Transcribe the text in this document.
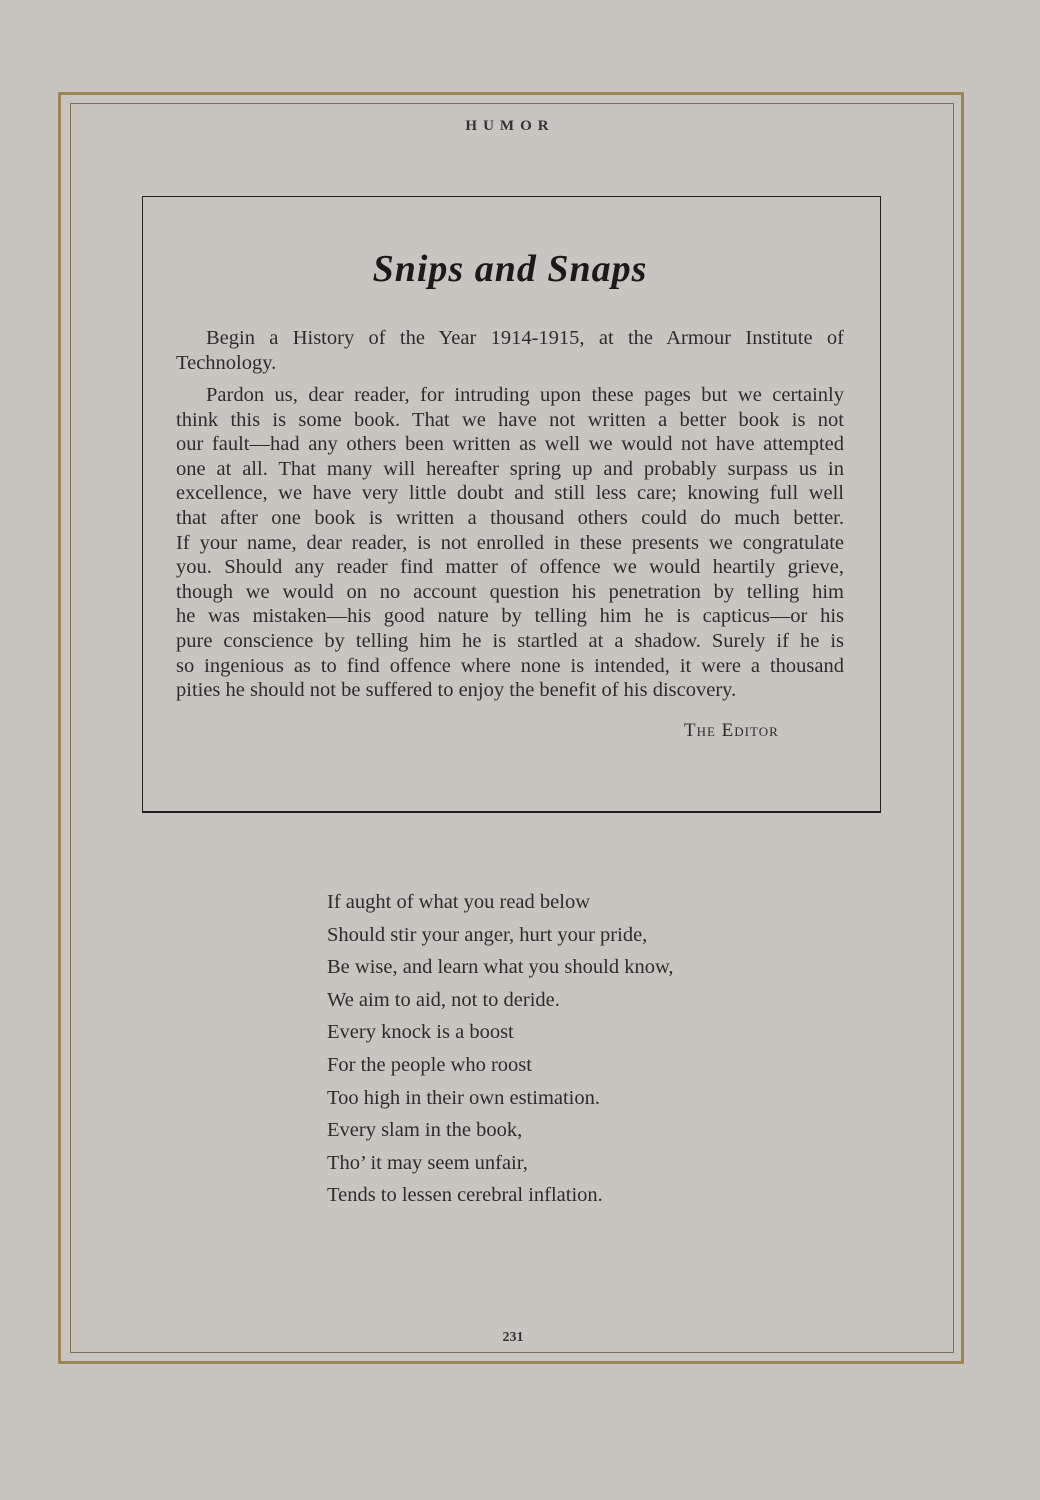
HUMOR
Snips and Snaps
Begin a History of the Year 1914-1915, at the Armour Institute of
Technology.
Pardon us, dear reader, for intruding upon these pages but we certainly
think this is some book. That we have not written a better book is not
our fault—had any others been written as well we would not have attempted
one at all. That many will hereafter spring up and probably surpass us in
excellence, we have very little doubt and still less care; knowing full well
that after one book is written a thousand others could do much better.
If your name, dear reader, is not enrolled in these presents we congratulate
you. Should any reader find matter of offence we would heartily grieve,
though we would on no account question his penetration by telling him
he was mistaken—his good nature by telling him he is capticus—or his
pure conscience by telling him he is startled at a shadow. Surely if he is
so ingenious as to find offence where none is intended, it were a thousand
pities he should not be suffered to enjoy the benefit of his discovery.
The Editor
If aught of what you read below
Should stir your anger, hurt your pride,
Be wise, and learn what you should know,
We aim to aid, not to deride.
Every knock is a boost
For the people who roost
Too high in their own estimation.
Every slam in the book,
Tho’ it may seem unfair,
Tends to lessen cerebral inflation.
231
